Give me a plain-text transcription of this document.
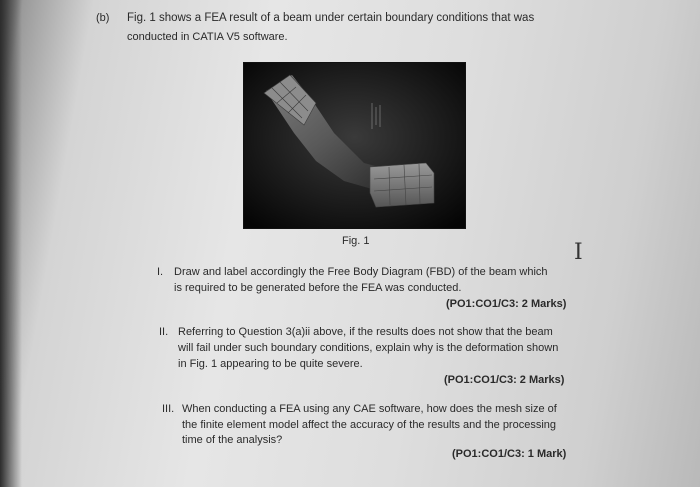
(b) Fig. 1 shows a FEA result of a beam under certain boundary conditions that was
conducted in CATIA V5 software.
Fig. 1	I
I. Draw and label accordingly the Free Body Diagram (FBD) of the beam which
is required to be generated before the FEA was conducted.
(PO1:CO1/C3: 2 Marks)
II. Referring to Question 3(a)ii above, if the results does not show that the beam
will fail under such boundary conditions, explain why is the deformation shown
in Fig. 1 appearing to be quite severe.
(PO1:CO1/C3: 2 Marks)
III. When conducting a FEA using any CAE software, how does the mesh size of
the finite element model affect the accuracy of the results and the processing
time of the analysis?
(PO1:CO1/C3: 1 Mark)
